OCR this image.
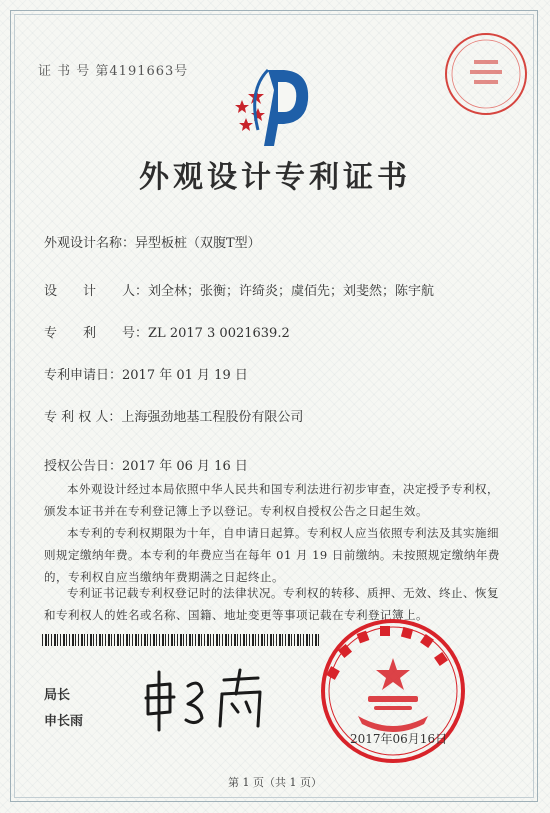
证 书 号 第4191663号
外观设计专利证书
外观设计名称：异型板桩（双腹T型）
设　　计　　人：刘全林；张衡；许绮炎；虞佰先；刘斐然；陈宇航
专　　利　　号：ZL 2017 3 0021639.2
专利申请日：2017 年 01 月 19 日
专 利 权 人：上海强劲地基工程股份有限公司
授权公告日：2017 年 06 月 16 日
本外观设计经过本局依照中华人民共和国专利法进行初步审查，决定授予专利权，颁发本证书并在专利登记簿上予以登记。专利权自授权公告之日起生效。
本专利的专利权期限为十年，自申请日起算。专利权人应当依照专利法及其实施细则规定缴纳年费。本专利的年费应当在每年 01 月 19 日前缴纳。未按照规定缴纳年费的，专利权自应当缴纳年费期满之日起终止。
专利证书记载专利权登记时的法律状况。专利权的转移、质押、无效、终止、恢复和专利权人的姓名或名称、国籍、地址变更等事项记载在专利登记簿上。
局长
申长雨
2017年06月16日
第 1 页（共 1 页）
